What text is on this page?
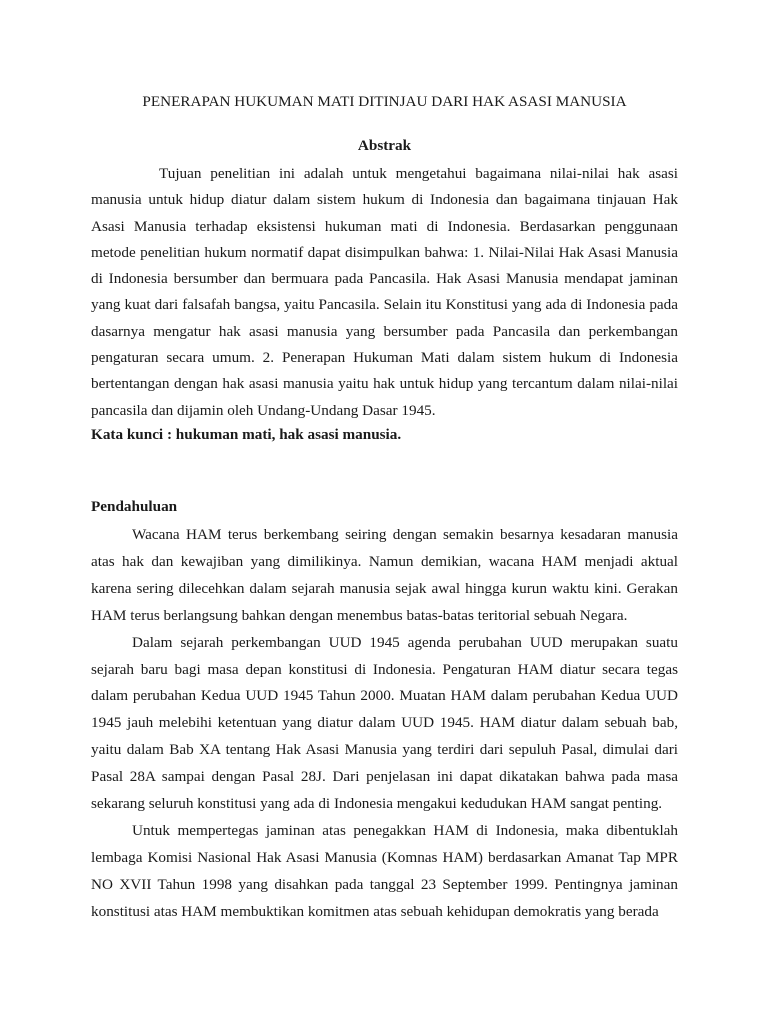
PENERAPAN HUKUMAN MATI DITINJAU DARI HAK ASASI MANUSIA
Abstrak

Tujuan penelitian ini adalah untuk mengetahui bagaimana nilai-nilai hak asasi manusia untuk hidup diatur dalam sistem hukum di Indonesia dan bagaimana tinjauan Hak Asasi Manusia terhadap eksistensi hukuman mati di Indonesia. Berdasarkan penggunaan metode penelitian hukum normatif dapat disimpulkan bahwa: 1. Nilai-Nilai Hak Asasi Manusia di Indonesia bersumber dan bermuara pada Pancasila. Hak Asasi Manusia mendapat jaminan yang kuat dari falsafah bangsa, yaitu Pancasila. Selain itu Konstitusi yang ada di Indonesia pada dasarnya mengatur hak asasi manusia yang bersumber pada Pancasila dan perkembangan pengaturan secara umum. 2. Penerapan Hukuman Mati dalam sistem hukum di Indonesia bertentangan dengan hak asasi manusia yaitu hak untuk hidup yang tercantum dalam nilai-nilai pancasila dan dijamin oleh Undang-Undang Dasar 1945.

Kata kunci : hukuman mati, hak asasi manusia.
Pendahuluan

Wacana HAM terus berkembang seiring dengan semakin besarnya kesadaran manusia atas hak dan kewajiban yang dimilikinya. Namun demikian, wacana HAM menjadi aktual karena sering dilecehkan dalam sejarah manusia sejak awal hingga kurun waktu kini. Gerakan HAM terus berlangsung bahkan dengan menembus batas-batas teritorial sebuah Negara.

Dalam sejarah perkembangan UUD 1945 agenda perubahan UUD merupakan suatu sejarah baru bagi masa depan konstitusi di Indonesia. Pengaturan HAM diatur secara tegas dalam perubahan Kedua UUD 1945 Tahun 2000. Muatan HAM dalam perubahan Kedua UUD 1945 jauh melebihi ketentuan yang diatur dalam UUD 1945. HAM diatur dalam sebuah bab, yaitu dalam Bab XA tentang Hak Asasi Manusia yang terdiri dari sepuluh Pasal, dimulai dari Pasal 28A sampai dengan Pasal 28J. Dari penjelasan ini dapat dikatakan bahwa pada masa sekarang seluruh konstitusi yang ada di Indonesia mengakui kedudukan HAM sangat penting.

Untuk mempertegas jaminan atas penegakkan HAM di Indonesia, maka dibentuklah lembaga Komisi Nasional Hak Asasi Manusia (Komnas HAM) berdasarkan Amanat Tap MPR NO XVII Tahun 1998 yang disahkan pada tanggal 23 September 1999. Pentingnya jaminan konstitusi atas HAM membuktikan komitmen atas sebuah kehidupan demokratis yang berada
